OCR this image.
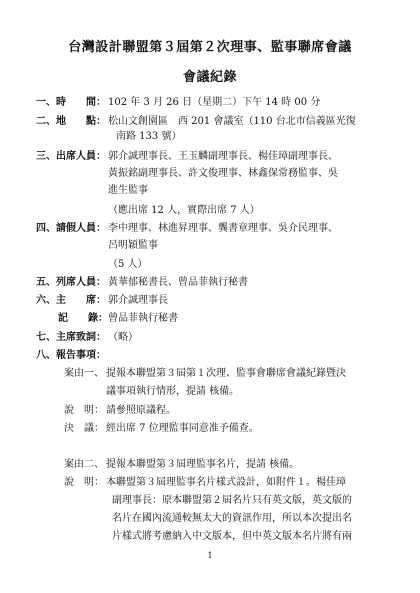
台灣設計聯盟第３屆第２次理事、監事聯席會議
會議紀錄
一、時　　間： 102 年 3 月 26 日（星期二）下午 14 時 00 分
二、地　　點： 松山文創園區　西 201 會議室（110 台北市信義區光復
南路 133 號）
三、出席人員： 郭介誠理事長、王玉麟副理事長、楊佳璋副理事長、
黃振銘副理事長、許文俊理事、林鑫保常務監事、吳
進生監事
（應出席 12 人，實際出席 7 人）
四、請假人員： 李中理事、林進昇理事、龔書章理事、吳介民理事、
呂明穎監事
（5 人）
五、列席人員： 黃華郁秘書長、曾品菲執行秘書
六、主　　席： 郭介誠理事長
記　　錄： 曾品菲執行秘書
七、主席致詞： （略）
八、報告事項：
案由一、 提報本聯盟第３屆第１次理、監事會聯席會議紀錄暨決
議事項執行情形，提請 核備。
說　明： 請參照原議程。
決　議： 經出席 7 位理監事同意准予備查。
案由二、 提報本聯盟第３屆理監事名片，提請 核備。
說　明： 本聯盟第３屆理監事名片樣式設計，如附件１。楊佳璋
副理事長：原本聯盟第２屆名片只有英文版，英文版的
名片在國內流通較無太大的資訊作用，所以本次提出名
片樣式將考慮納入中文版本，但中英文版本名片將有兩
1
